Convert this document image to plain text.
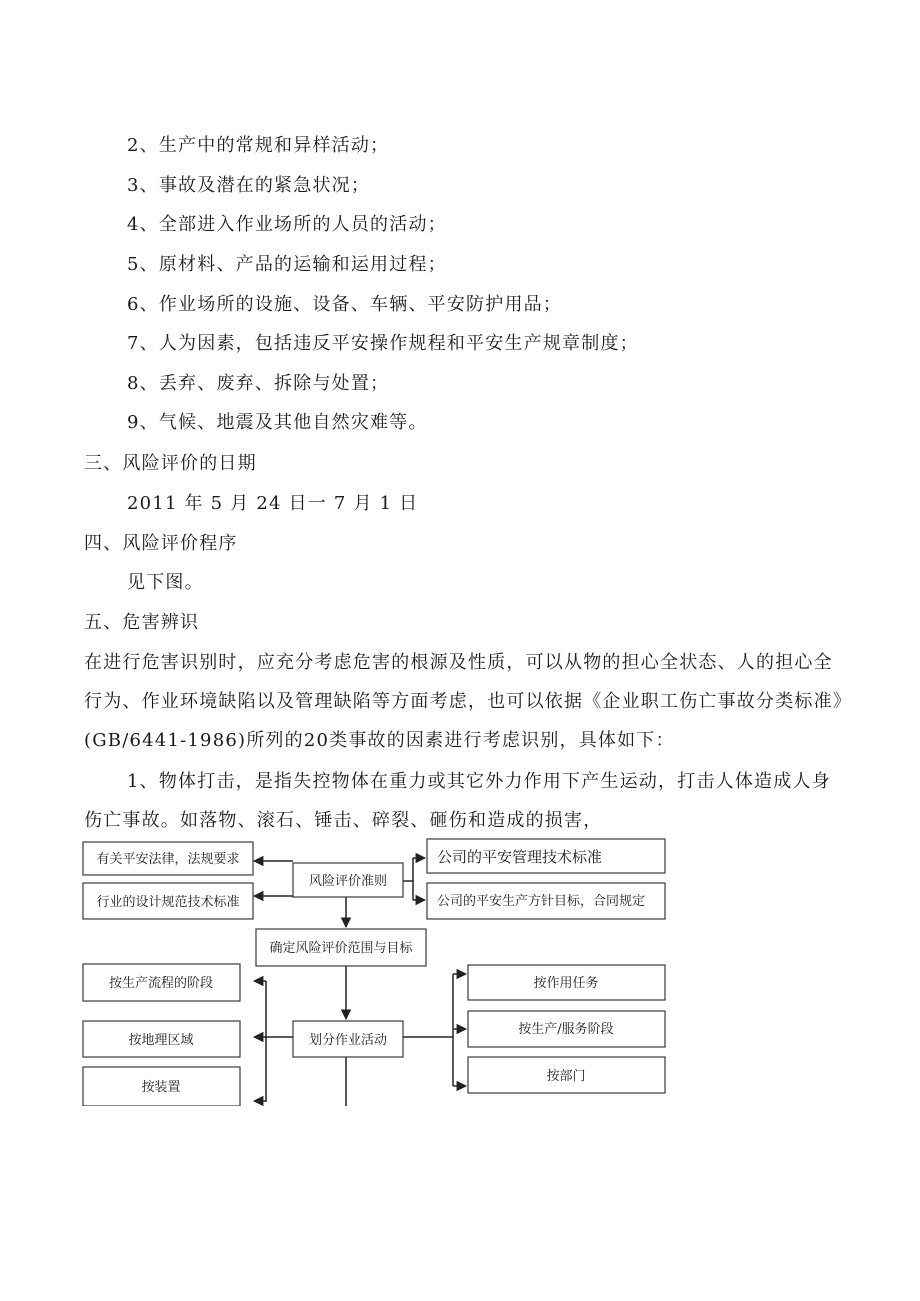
2、生产中的常规和异样活动；
3、事故及潜在的紧急状况；
4、全部进入作业场所的人员的活动；
5、原材料、产品的运输和运用过程；
6、作业场所的设施、设备、车辆、平安防护用品；
7、人为因素，包括违反平安操作规程和平安生产规章制度；
8、丢弃、废弃、拆除与处置；
9、气候、地震及其他自然灾难等。
三、风险评价的日期
2011 年 5 月 24 日一 7 月 1 日
四、风险评价程序
见下图。
五、危害辨识
在进行危害识别时，应充分考虑危害的根源及性质，可以从物的担心全状态、人的担心全行为、作业环境缺陷以及管理缺陷等方面考虑，也可以依据《企业职工伤亡事故分类标准》(GB/6441-1986)所列的20类事故的因素进行考虑识别，具体如下：
1、物体打击，是指失控物体在重力或其它外力作用下产生运动，打击人体造成人身伤亡事故。如落物、滚石、锤击、碎裂、砸伤和造成的损害，
有关平安法律，法规要求
行业的设计规范技术标准
风险评价准则
公司的平安管理技术标准
公司的平安生产方针目标，合同规定
确定风险评价范围与目标
按生产流程的阶段
按地理区域
按装置
划分作业活动
按作用任务
按生产/服务阶段
按部门
